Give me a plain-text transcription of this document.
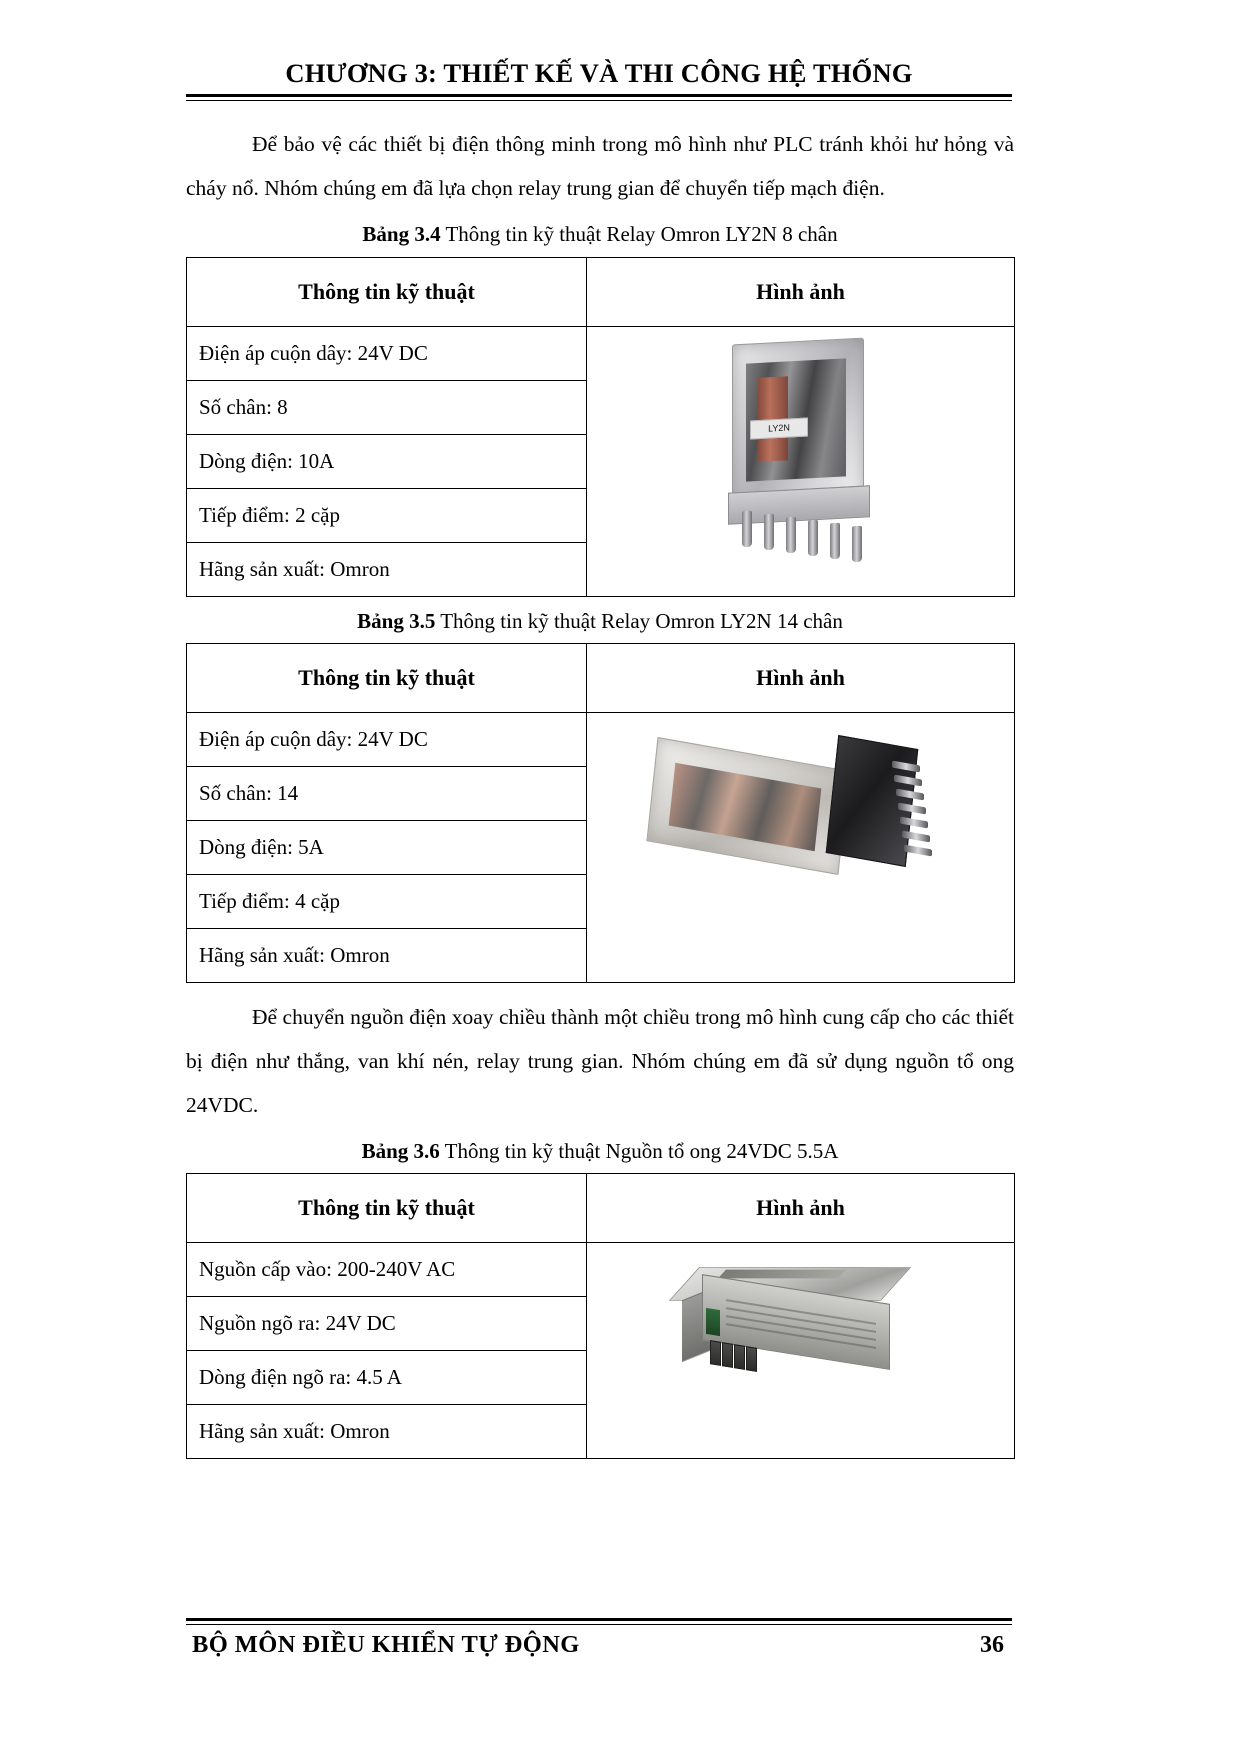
CHƯƠNG 3: THIẾT KẾ VÀ THI CÔNG HỆ THỐNG

Để bảo vệ các thiết bị điện thông minh trong mô hình như PLC tránh khỏi hư hỏng và cháy nổ. Nhóm chúng em đã lựa chọn relay trung gian để chuyển tiếp mạch điện.

Bảng 3.4 Thông tin kỹ thuật Relay Omron LY2N 8 chân
Thông tin kỹ thuật	Hình ảnh
Điện áp cuộn dây: 24V DC	LY2N

Số chân: 8	
Dòng điện: 10A	
Tiếp điểm: 2 cặp	
Hãng sản xuất: Omron	
Bảng 3.5 Thông tin kỹ thuật Relay Omron LY2N 14 chân
Thông tin kỹ thuật	Hình ảnh
Điện áp cuộn dây: 24V DC	

Số chân: 14	
Dòng điện: 5A	
Tiếp điểm: 4 cặp	
Hãng sản xuất: Omron	

Để chuyển nguồn điện xoay chiều thành một chiều trong mô hình cung cấp cho các thiết bị điện như thắng, van khí nén, relay trung gian. Nhóm chúng em đã sử dụng nguồn tổ ong 24VDC.

Bảng 3.6 Thông tin kỹ thuật Nguồn tổ ong 24VDC 5.5A
Thông tin kỹ thuật	Hình ảnh
Nguồn cấp vào: 200-240V AC	

Nguồn ngõ ra: 24V DC	
Dòng điện ngõ ra: 4.5 A	
Hãng sản xuất: Omron	
BỘ MÔN ĐIỀU KHIỂN TỰ ĐỘNG	36
